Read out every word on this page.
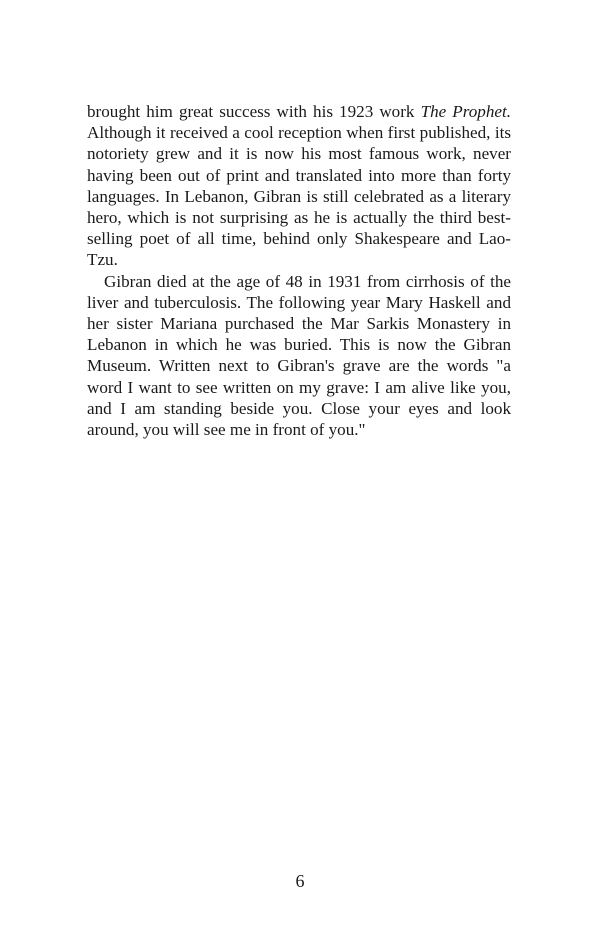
brought him great success with his 1923 work The Prophet. Although it received a cool reception when first published, its notoriety grew and it is now his most famous work, never having been out of print and translated into more than forty languages. In Lebanon, Gibran is still celebrated as a literary hero, which is not surprising as he is actually the third best-selling poet of all time, behind only Shakespeare and Lao-Tzu.

Gibran died at the age of 48 in 1931 from cirrhosis of the liver and tuberculosis. The following year Mary Haskell and her sister Mariana purchased the Mar Sarkis Monastery in Lebanon in which he was buried. This is now the Gibran Museum. Written next to Gibran's grave are the words "a word I want to see written on my grave: I am alive like you, and I am standing beside you. Close your eyes and look around, you will see me in front of you."

6
